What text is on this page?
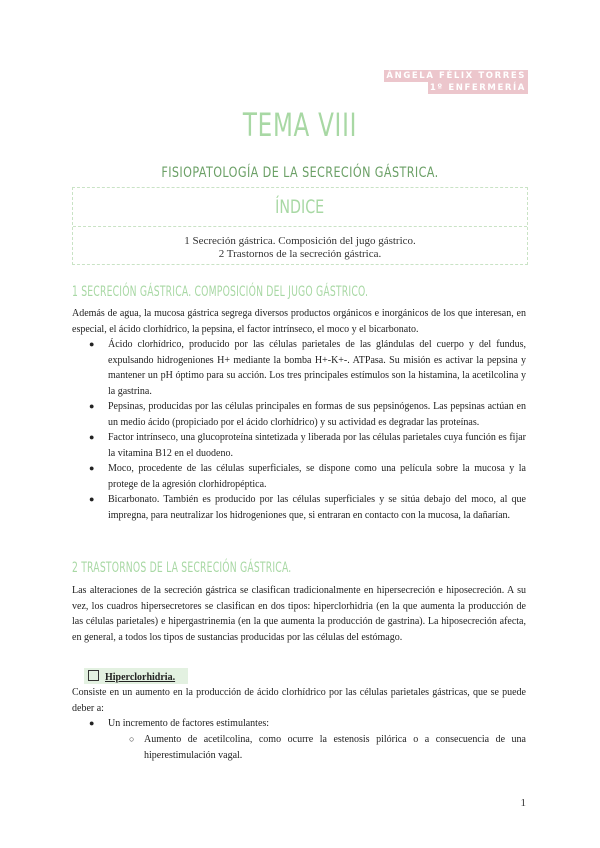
ÁNGELA FÉLIX TORRES
1º ENFERMERÍA
TEMA VIII
FISIOPATOLOGÍA DE LA SECRECIÓN GÁSTRICA.
ÍNDICE
1 Secreción gástrica. Composición del jugo gástrico.
2 Trastornos de la secreción gástrica.
1 SECRECIÓN GÁSTRICA. COMPOSICIÓN DEL JUGO GÁSTRICO.
Además de agua, la mucosa gástrica segrega diversos productos orgánicos e inorgánicos de los que interesan, en especial, el ácido clorhídrico, la pepsina, el factor intrínseco, el moco y el bicarbonato.
● Ácido clorhídrico, producido por las células parietales de las glándulas del cuerpo y del fundus, expulsando hidrogeniones H+ mediante la bomba H+-K+-. ATPasa. Su misión es activar la pepsina y mantener un pH óptimo para su acción. Los tres principales estímulos son la histamina, la acetilcolina y la gastrina.
● Pepsinas, producidas por las células principales en formas de sus pepsinógenos. Las pepsinas actúan en un medio ácido (propiciado por el ácido clorhídrico) y su actividad es degradar las proteínas.
● Factor intrínseco, una glucoproteína sintetizada y liberada por las células parietales cuya función es fijar la vitamina B12 en el duodeno.
● Moco, procedente de las células superficiales, se dispone como una película sobre la mucosa y la protege de la agresión clorhidropéptica.
● Bicarbonato. También es producido por las células superficiales y se sitúa debajo del moco, al que impregna, para neutralizar los hidrogeniones que, si entraran en contacto con la mucosa, la dañarían.
2 TRASTORNOS DE LA SECRECIÓN GÁSTRICA.
Las alteraciones de la secreción gástrica se clasifican tradicionalmente en hipersecreción e hiposecreción. A su vez, los cuadros hipersecretores se clasifican en dos tipos: hiperclorhidria (en la que aumenta la producción de las células parietales) e hipergastrinemia (en la que aumenta la producción de gastrina). La hiposecreción afecta, en general, a todos los tipos de sustancias producidas por las células del estómago.
Hiperclorhidria.
Consiste en un aumento en la producción de ácido clorhídrico por las células parietales gástricas, que se puede deber a:
● Un incremento de factores estimulantes:
○ Aumento de acetilcolina, como ocurre la estenosis pilórica o a consecuencia de una hiperestimulación vagal.
1
